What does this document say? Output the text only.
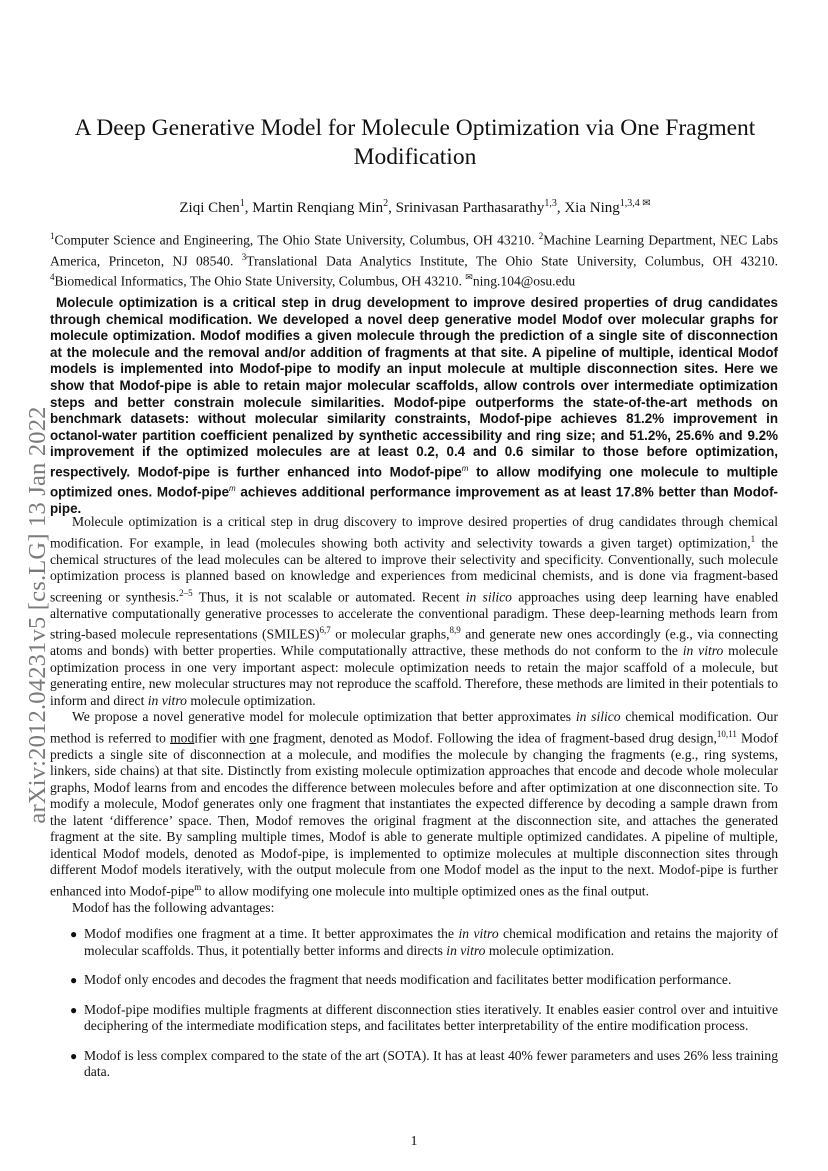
arXiv:2012.04231v5 [cs.LG] 13 Jan 2022
A Deep Generative Model for Molecule Optimization via One Fragment Modification
Ziqi Chen$^1$, Martin Renqiang Min$^2$, Srinivasan Parthasarathy$^{1,3}$, Xia Ning$^{1,3,4 ✉}$
$^1$Computer Science and Engineering, The Ohio State University, Columbus, OH 43210. $^2$Machine Learning Department, NEC Labs America, Princeton, NJ 08540. $^3$Translational Data Analytics Institute, The Ohio State University, Columbus, OH 43210. $^4$Biomedical Informatics, The Ohio State University, Columbus, OH 43210. ✉ning.104@osu.edu
Molecule optimization is a critical step in drug development to improve desired properties of drug candidates through chemical modification. We developed a novel deep generative model Modof over molecular graphs for molecule optimization. Modof modifies a given molecule through the prediction of a single site of disconnection at the molecule and the removal and/or addition of fragments at that site. A pipeline of multiple, identical Modof models is implemented into Modof-pipe to modify an input molecule at multiple disconnection sites. Here we show that Modof-pipe is able to retain major molecular scaffolds, allow controls over intermediate optimization steps and better constrain molecule similarities. Modof-pipe outperforms the state-of-the-art methods on benchmark datasets: without molecular similarity constraints, Modof-pipe achieves 81.2% improvement in octanol-water partition coefficient penalized by synthetic accessibility and ring size; and 51.2%, 25.6% and 9.2% improvement if the optimized molecules are at least 0.2, 0.4 and 0.6 similar to those before optimization, respectively. Modof-pipe is further enhanced into Modof-pipe$^m$ to allow modifying one molecule to multiple optimized ones. Modof-pipe$^m$ achieves additional performance improvement as at least 17.8% better than Modof-pipe.

Molecule optimization is a critical step in drug discovery to improve desired properties of drug candidates through chemical modification. For example, in lead (molecules showing both activity and selectivity towards a given target) optimization,$^1$ the chemical structures of the lead molecules can be altered to improve their selectivity and specificity. Conventionally, such molecule optimization process is planned based on knowledge and experiences from medicinal chemists, and is done via fragment-based screening or synthesis.$^{2-5}$ Thus, it is not scalable or automated. Recent in silico approaches using deep learning have enabled alternative computationally generative processes to accelerate the conventional paradigm. These deep-learning methods learn from string-based molecule representations (SMILES)$^{6,7}$ or molecular graphs,$^{8,9}$ and generate new ones accordingly (e.g., via connecting atoms and bonds) with better properties. While computationally attractive, these methods do not conform to the in vitro molecule optimization process in one very important aspect: molecule optimization needs to retain the major scaffold of a molecule, but generating entire, new molecular structures may not reproduce the scaffold. Therefore, these methods are limited in their potentials to inform and direct in vitro molecule optimization.

We propose a novel generative model for molecule optimization that better approximates in silico chemical modification. Our method is referred to modifier with one fragment, denoted as Modof. Following the idea of fragment-based drug design,$^{10,11}$ Modof predicts a single site of disconnection at a molecule, and modifies the molecule by changing the fragments (e.g., ring systems, linkers, side chains) at that site. Distinctly from existing molecule optimization approaches that encode and decode whole molecular graphs, Modof learns from and encodes the difference between molecules before and after optimization at one disconnection site. To modify a molecule, Modof generates only one fragment that instantiates the expected difference by decoding a sample drawn from the latent ‘difference’ space. Then, Modof removes the original fragment at the disconnection site, and attaches the generated fragment at the site. By sampling multiple times, Modof is able to generate multiple optimized candidates. A pipeline of multiple, identical Modof models, denoted as Modof-pipe, is implemented to optimize molecules at multiple disconnection sites through different Modof models iteratively, with the output molecule from one Modof model as the input to the next. Modof-pipe is further enhanced into Modof-pipe$^m$ to allow modifying one molecule into multiple optimized ones as the final output.

Modof has the following advantages:

● Modof modifies one fragment at a time. It better approximates the in vitro chemical modification and retains the majority of molecular scaffolds. Thus, it potentially better informs and directs in vitro molecule optimization.
● Modof only encodes and decodes the fragment that needs modification and facilitates better modification performance.
● Modof-pipe modifies multiple fragments at different disconnection sties iteratively. It enables easier control over and intuitive deciphering of the intermediate modification steps, and facilitates better interpretability of the entire modification process.
● Modof is less complex compared to the state of the art (SOTA). It has at least 40% fewer parameters and uses 26% less training data.
1
